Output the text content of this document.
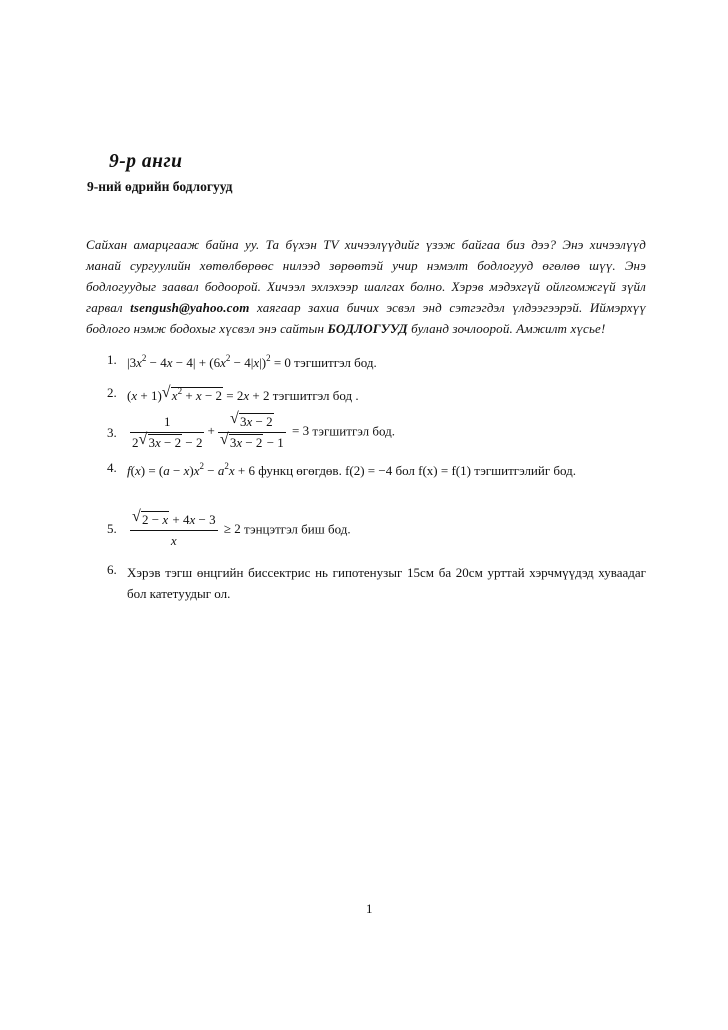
9-р анги
9-ний өдрийн бодлогууд
Сайхан амарцгааж байна уу. Та бүхэн TV хичээлүүдийг үзэж байгаа биз дээ? Энэ хичээлүүд манай сургуулийн хөтөлбөрөөс нилээд зөрөөтэй учир нэмэлт бодлогууд өгөлөө шүү. Энэ бодлогуудыг заавал бодоорой. Хичээл эхлэхээр шалгах болно. Хэрэв мэдэхгүй ойлгомжгүй зүйл гарвал tsengush@yahoo.com хаягаар захиа бичих эсвэл энд сэтгэгдэл үлдээгээрэй. Иймэрхүү бодлого нэмж бодохыг хүсвэл энэ сайтын БОДЛОГУУД буланд зочлоорой. Амжилт хүсье!
1. $|3x^2 - 4x - 4| + (6x^2 - 4|x|)^2 = 0$ тэгшитгэл бод.
2. (x + 1) √ $x^2 + x - 2 = 2x + 2$ тэгшитгэл бод .
3. $\frac{1}{2 √ 3x - 2 - 2} + \frac{√ 3x - 2}{√ 3x - 2 - 1} = 3$ тэгшитгэл бод.
4. $f(x) = (a - x)x^2 - a^2x + 6$ функц өгөгдөв. f(2) = −4 бол f(x) = f(1) тэгшитгэлийг бод.
5. $\frac{√ 2 - x + 4x - 3}{x} \ge 2$ тэнцэтгэл биш бод.
6. Хэрэв тэгш өнцгийн биссектрис нь гипотенузыг 15см ба 20см урттай хэрчмүүдэд хуваадаг бол катетуудыг ол.
1
